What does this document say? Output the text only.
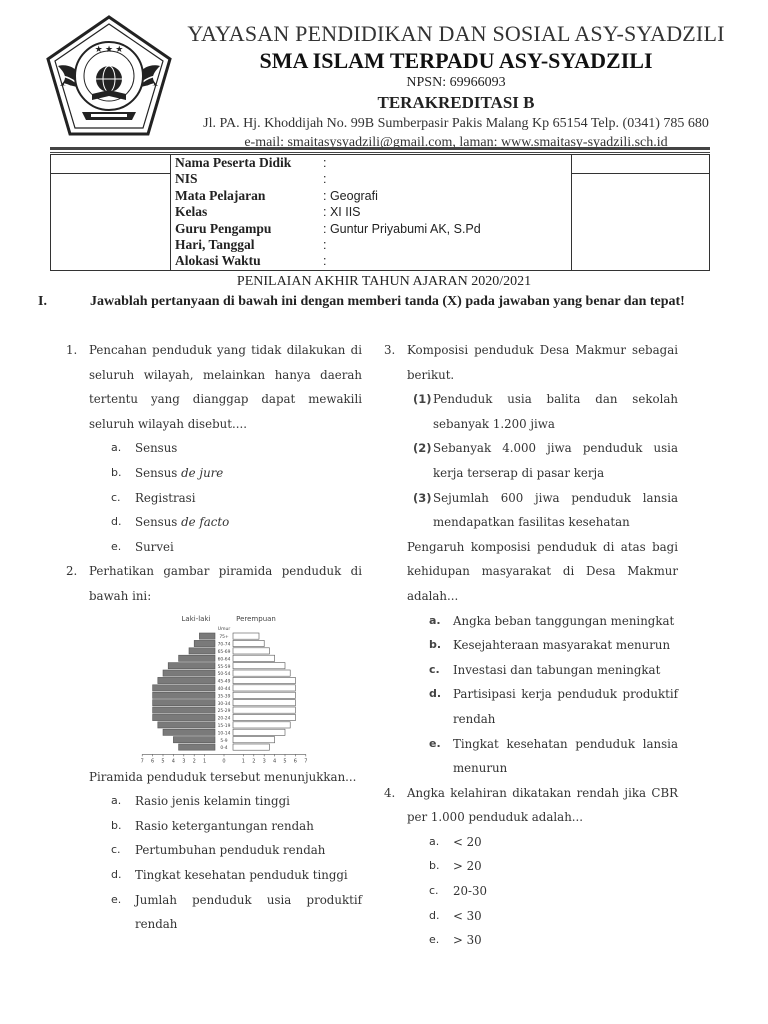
★ ★ ★
YAYASAN PENDIDIKAN DAN SOSIAL ASY-SYADZILI
SMA ISLAM TERPADU ASY-SYADZILI
NPSN: 69966093
TERAKREDITASI B
Jl. PA. Hj. Khoddijah No. 99B Sumberpasir Pakis Malang Kp 65154 Telp. (0341) 785 680
e-mail: smaitasysyadzili@gmail.com, laman: www.smaitasy-syadzili.sch.id
Nama Peserta Didik	:
NIS	:
Mata Pelajaran	: Geografi
Kelas	: XI IIS
Guru Pengampu	: Guntur Priyabumi AK, S.Pd
Hari, Tanggal	:
Alokasi Waktu	:
PENILAIAN AKHIR TAHUN AJARAN 2020/2021
I.	Jawablah pertanyaan di bawah ini dengan memberi tanda (X) pada jawaban yang benar dan tepat!
1. Pencahan penduduk yang tidak dilakukan di seluruh wilayah, melainkan hanya daerah tertentu yang dianggap dapat mewakili seluruh wilayah disebut....
a. Sensus
b. Sensus de jure
c. Registrasi
d. Sensus de facto
e. Survei
2. Perhatikan gambar piramida penduduk di bawah ini:
Laki-laki	Perempuan
Umur
75+
70-74
65-69
60-64
55-59
50-54
45-49
40-44
35-39
30-34
25-29
20-24
15-19
10-14
5-9
0-4
7 6 5 4 3 2 1	0	1 2 3 4 5 6 7
Piramida penduduk tersebut menunjukkan...
a. Rasio jenis kelamin tinggi
b. Rasio ketergantungan rendah
c. Pertumbuhan penduduk rendah
d. Tingkat kesehatan penduduk tinggi
e. Jumlah penduduk usia produktif rendah
3. Komposisi penduduk Desa Makmur sebagai berikut.
(1) Penduduk usia balita dan sekolah sebanyak 1.200 jiwa
(2) Sebanyak 4.000 jiwa penduduk usia kerja terserap di pasar kerja
(3) Sejumlah 600 jiwa penduduk lansia mendapatkan fasilitas kesehatan
Pengaruh komposisi penduduk di atas bagi kehidupan masyarakat di Desa Makmur adalah...
a. Angka beban tanggungan meningkat
b. Kesejahteraan masyarakat menurun
c. Investasi dan tabungan meningkat
d. Partisipasi kerja penduduk produktif rendah
e. Tingkat kesehatan penduduk lansia menurun
4. Angka kelahiran dikatakan rendah jika CBR per 1.000 penduduk adalah...
a. < 20
b. > 20
c. 20-30
d. < 30
e. > 30
